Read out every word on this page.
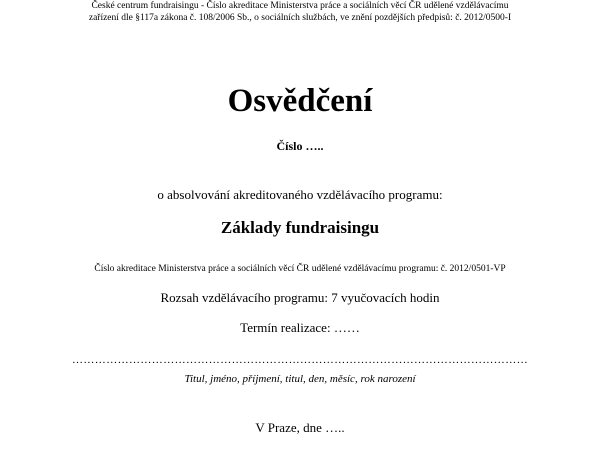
České centrum fundraisingu - Číslo akreditace Ministerstva práce a sociálních věcí ČR udělené vzdělávacímu
zařízení dle §117a zákona č. 108/2006 Sb., o sociálních službách, ve znění pozdějších předpisů: č. 2012/0500-I
Osvědčení
Číslo …..
o absolvování akreditovaného vzdělávacího programu:
Základy fundraisingu
Číslo akreditace Ministerstva práce a sociálních věcí ČR udělené vzdělávacímu programu: č. 2012/0501-VP
Rozsah vzdělávacího programu: 7 vyučovacích hodin
Termín realizace: ……
…………………………………………………………………………………………………………
Titul, jméno, příjmení, titul, den, měsíc, rok narození
V Praze, dne …..
